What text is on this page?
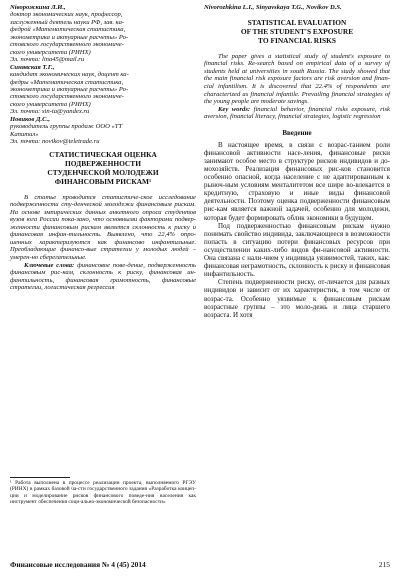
Niворожкина Л.И.,

доктор экономических наук, профессор,

заслуженный деятель науки РФ, зав. ка-

федрой «Математическая статистика,

эконометрика и актуарные расчеты» Ро-

стовского государственного экономиче-

ского университета (РИНХ)

Эл. почта: lina45@mail.ru

Синявская Т.Г.,

кандидат экономических наук, доцент ка-

федры «Математическая статистика,

эконометрика и актуарные расчеты» Ро-

стовского государственного экономиче-

ского университета (РИНХ)

Эл. почта: sin-ta@yandex.ru

Новиков Д.С.,

руководитель группы продаж ООО «ТТ

Капитал»

Эл. почта: novikov@teletrade.ru

СТАТИСТИЧЕСКАЯ ОЦЕНКА
ПОДВЕРЖЕННОСТИ
СТУДЕНЧЕСКОЙ МОЛОДЕЖИ
ФИНАНСОВЫМ РИСКАМ¹

В статье проводится статистиче-ское исследование подверженности сту-денческой молодежи финансовым рискам. На основе эмпирических данных анкетного опроса студентов вузов юга России пока-зано, что основными факторами подвер-женности финансовым рискам является склонность к риску и финансовая инфан-тильность. Выявлено, что 22,4% опро-шенных характеризуются как финансово инфантильные. Преобладающие финансо-вые стратегии у молодых людей – умерен-но сберегательные.

Ключевые слова: финансовое пове-дение, подверженность финансовым рис-кам, склонность к риску, финансовая ин-фантильность, финансовая грамотность, финансовые стратегии, логистическая регрессия

¹ Работа выполнена в процессе реализации проекта, выполняемого РГЭУ (РИНХ) в рамках базовой ча-сти государственного задания «Разработка концеп-ции и моделирование рисков финансового поведе-ния населения как инструмент обеспечения соци-ально-экономической безопасности»

Nivorozhkina L.I., Sinyavskaya T.G., Novikov D.S.

STATISTICAL EVALUATION
OF THE STUDENT'S EXPOSURE
TO FINANCIAL RISKS

The paper gives a statistical study of student's exposure to financial risks. Re-search based on empirical data of a survey of students held at universities in south Russia. The study showed that the main financial risk exposure factors are risk aversion and finan-cial infantilism. It is discovered that 22.4% of respondents are characterized as financial infantile. Prevailing financial strategies of the young people are moderate savings.

Key words: financial behavior, financial risks exposure, risk aversion, financial literacy, financial strategies, logistic regression

Введение

В настоящее время, в связи с возрас-танием роли финансовой активности насе-ления, финансовые риски занимают особое место в структуре рисков индивидов и до-мохозяйств. Реализация финансовых рис-ков становится особенно опасной, когда население с не адаптированным к рыноч-ным условиям менталитетом все шире во-влекается в кредитную, страховую и иные виды финансовой деятельности. Поэтому оценка подверженности финансовым рис-кам является важной задачей, особенно для молодежи, которая будет формировать облик экономики в будущем.

Под подверженностью финансовым рискам нужно понимать свойство индивида, заключающееся в возможности попасть в ситуацию потери финансовых ресурсов при осуществлении каких-либо видов фи-нансовой активности. Она связана с нали-чием у индивида уязвимостей, таких, как: финансовая неграмотность, склонность к риску и финансовая инфантильность.

Степень подверженности риску, от-личается для разных индивидов и зависит от их характеристик, в том числе от возрас-та. Особенно уязвимые к финансовым рискам возрастные группы – это моло-дежь и лица старшего возраста. И хотя

Финансовые исследования № 4 (45) 2014	215
